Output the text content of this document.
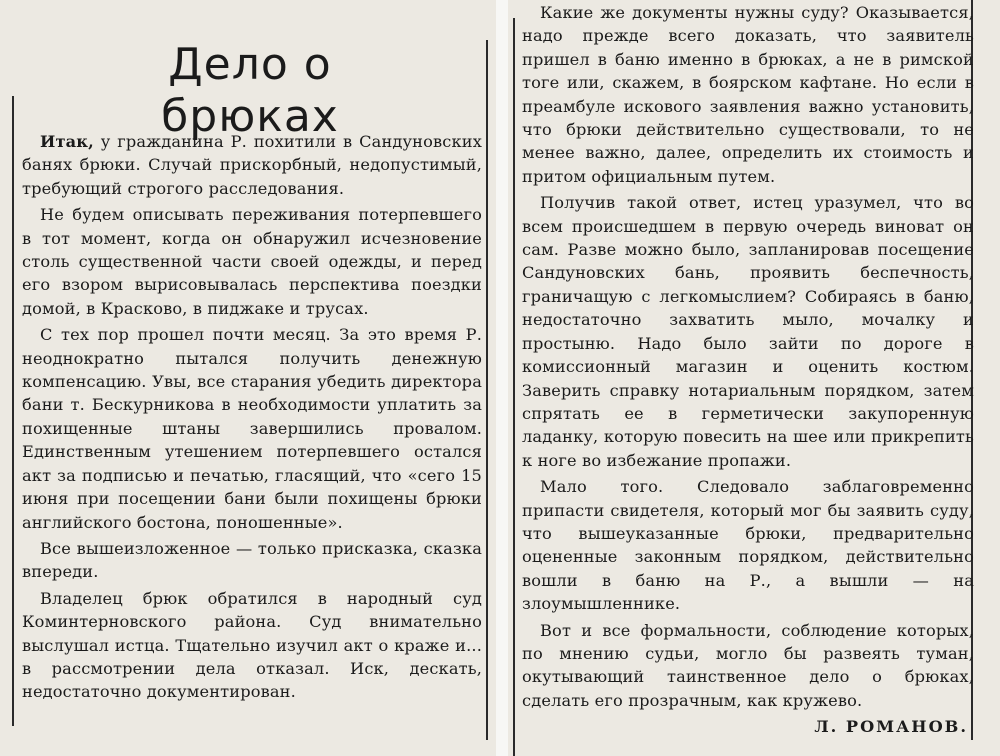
Дело о брюках

Итак, у гражданина Р. похитили в Сандуновских банях брюки. Случай прискорбный, недопустимый, требующий строгого расследования.

Не будем описывать переживания потерпевшего в тот момент, когда он обнаружил исчезновение столь существенной части своей одежды, и перед его взором вырисовывалась перспектива поездки домой, в Красково, в пиджаке и трусах.

С тех пор прошел почти месяц. За это время Р. неоднократно пытался получить денежную компенсацию. Увы, все старания убедить директора бани т. Бескурникова в необходимости уплатить за похищенные штаны завершились провалом. Единственным утешением потерпевшего остался акт за подписью и печатью, гласящий, что «сего 15 июня при посещении бани были похищены брюки английского бостона, поношенные».

Все вышеизложенное — только присказка, сказка впереди.

Владелец брюк обратился в народный суд Коминтерновского района. Суд внимательно выслушал истца. Тщательно изучил акт о краже и... в рассмотрении дела отказал. Иск, дескать, недостаточно документирован.

Какие же документы нужны суду? Оказывается, надо прежде всего доказать, что заявитель пришел в баню именно в брюках, а не в римской тоге или, скажем, в боярском кафтане. Но если в преамбуле искового заявления важно установить, что брюки действительно существовали, то не менее важно, далее, определить их стоимость и притом официальным путем.

Получив такой ответ, истец уразумел, что во всем происшедшем в первую очередь виноват он сам. Разве можно было, запланировав посещение Сандуновских бань, проявить беспечность, граничащую с легкомыслием? Собираясь в баню, недостаточно захватить мыло, мочалку и простыню. Надо было зайти по дороге в комиссионный магазин и оценить костюм. Заверить справку нотариальным порядком, затем спрятать ее в герметически закупоренную ладанку, которую повесить на шее или прикрепить к ноге во избежание пропажи.

Мало того. Следовало заблаговременно припасти свидетеля, который мог бы заявить суду, что вышеуказанные брюки, предварительно оцененные законным порядком, действительно вошли в баню на Р., а вышли — на злоумышленнике.

Вот и все формальности, соблюдение которых, по мнению судьи, могло бы развеять туман, окутывающий таинственное дело о брюках, сделать его прозрачным, как кружево.

Л. РОМАНОВ.
